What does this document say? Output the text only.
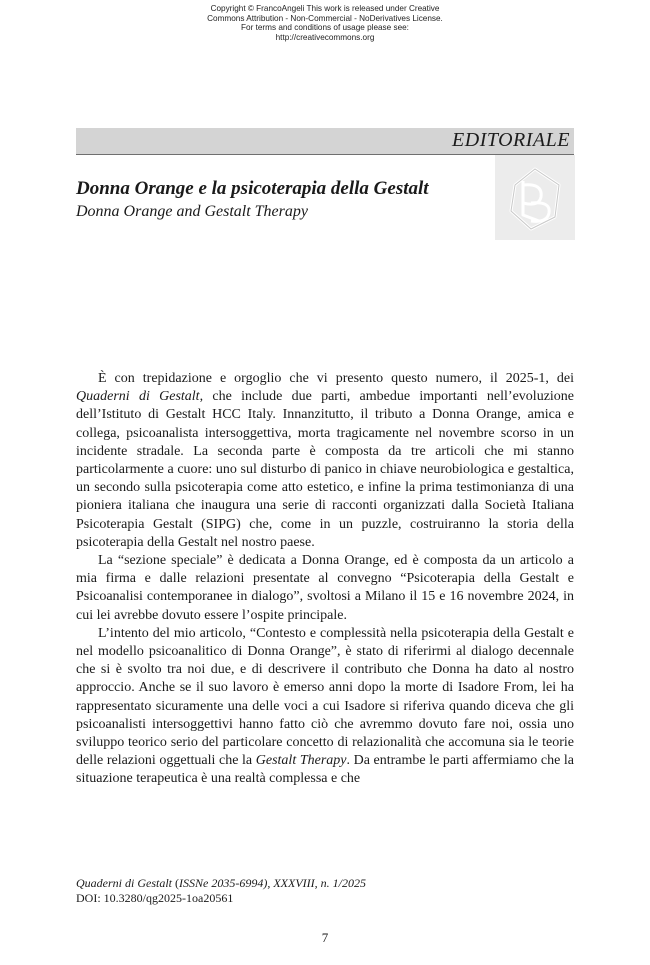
Copyright © FrancoAngeli This work is released under Creative
Commons Attribution - Non-Commercial - NoDerivatives License.
For terms and conditions of usage please see:
http://creativecommons.org
EDITORIALE
Donna Orange e la psicoterapia della Gestalt
Donna Orange and Gestalt Therapy

È con trepidazione e orgoglio che vi presento questo numero, il 2025-1, dei Quaderni di Gestalt, che include due parti, ambedue importanti nell’evoluzione dell’Istituto di Gestalt HCC Italy. Innanzitutto, il tributo a Donna Orange, amica e collega, psicoanalista intersoggettiva, morta tragicamente nel novembre scorso in un incidente stradale. La seconda parte è composta da tre articoli che mi stanno particolarmente a cuore: uno sul disturbo di panico in chiave neurobiologica e gestaltica, un secondo sulla psicoterapia come atto estetico, e infine la prima testimonianza di una pioniera italiana che inaugura una serie di racconti organizzati dalla Società Italiana Psicoterapia Gestalt (SIPG) che, come in un puzzle, costruiranno la storia della psicoterapia della Gestalt nel nostro paese.

La “sezione speciale” è dedicata a Donna Orange, ed è composta da un articolo a mia firma e dalle relazioni presentate al convegno “Psicoterapia della Gestalt e Psicoanalisi contemporanee in dialogo”, svoltosi a Milano il 15 e 16 novembre 2024, in cui lei avrebbe dovuto essere l’ospite principale.

L’intento del mio articolo, “Contesto e complessità nella psicoterapia della Gestalt e nel modello psicoanalitico di Donna Orange”, è stato di riferirmi al dialogo decennale che si è svolto tra noi due, e di descrivere il contributo che Donna ha dato al nostro approccio. Anche se il suo lavoro è emerso anni dopo la morte di Isadore From, lei ha rappresentato sicuramente una delle voci a cui Isadore si riferiva quando diceva che gli psicoanalisti intersoggettivi hanno fatto ciò che avremmo dovuto fare noi, ossia uno sviluppo teorico serio del particolare concetto di relazionalità che accomuna sia le teorie delle relazioni oggettuali che la Gestalt Therapy. Da entrambe le parti affermiamo che la situazione terapeutica è una realtà complessa e che

Quaderni di Gestalt (ISSNe 2035-6994), XXXVIII, n. 1/2025
DOI: 10.3280/qg2025-1oa20561
7
